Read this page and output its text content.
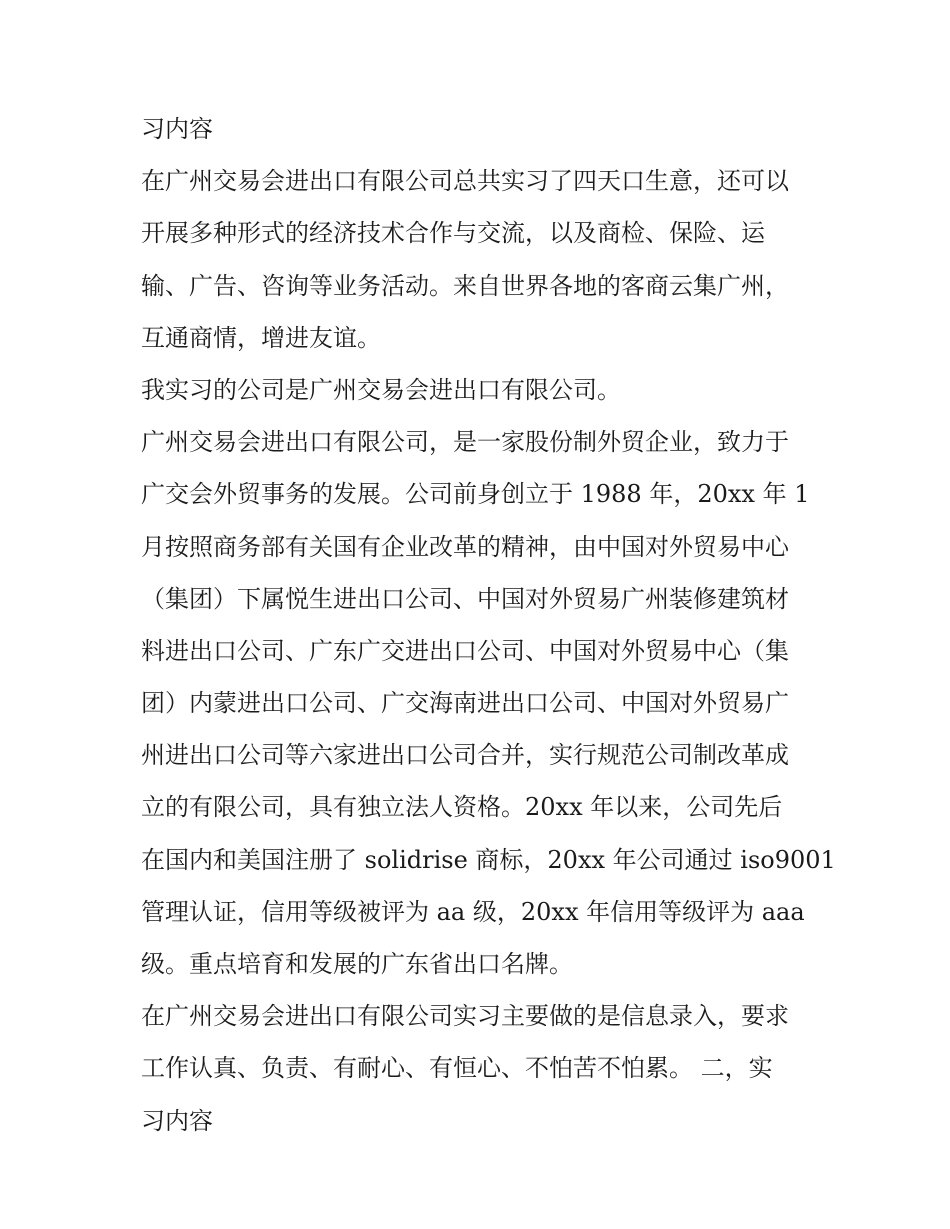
习内容
在广州交易会进出口有限公司总共实习了四天口生意，还可以
开展多种形式的经济技术合作与交流，以及商检、保险、运
输、广告、咨询等业务活动。来自世界各地的客商云集广州，
互通商情，增进友谊。
我实习的公司是广州交易会进出口有限公司。
广州交易会进出口有限公司，是一家股份制外贸企业，致力于
广交会外贸事务的发展。公司前身创立于 1988 年，20xx 年 1
月按照商务部有关国有企业改革的精神，由中国对外贸易中心
（集团）下属悦生进出口公司、中国对外贸易广州装修建筑材
料进出口公司、广东广交进出口公司、中国对外贸易中心（集
团）内蒙进出口公司、广交海南进出口公司、中国对外贸易广
州进出口公司等六家进出口公司合并，实行规范公司制改革成
立的有限公司，具有独立法人资格。20xx 年以来，公司先后
在国内和美国注册了 solidrise 商标，20xx 年公司通过 iso9001
管理认证，信用等级被评为 aa 级，20xx 年信用等级评为 aaa
级。重点培育和发展的广东省出口名牌。
在广州交易会进出口有限公司实习主要做的是信息录入，要求
工作认真、负责、有耐心、有恒心、不怕苦不怕累。 二，实
习内容
